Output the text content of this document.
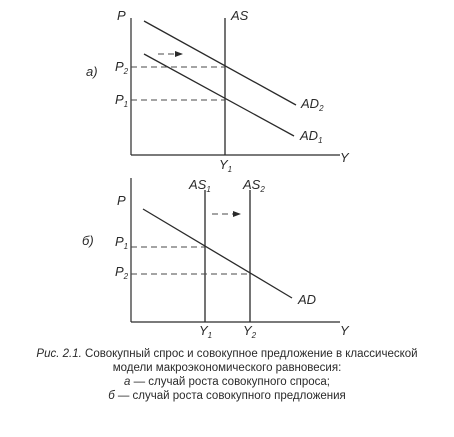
а)
P
Y
AS
$P_2$
$P_1$
$Y_1$
$AD_2$
$AD_1$
б)
P
Y
$AS_1$ $AS_2$
AD
$P_1$
$P_2$
$Y_1$ $Y_2$
Рис. 2.1. Совокупный спрос и совокупное предложение в классической
модели макроэкономического равновесия:
а — случай роста совокупного спроса;
б — случай роста совокупного предложения
